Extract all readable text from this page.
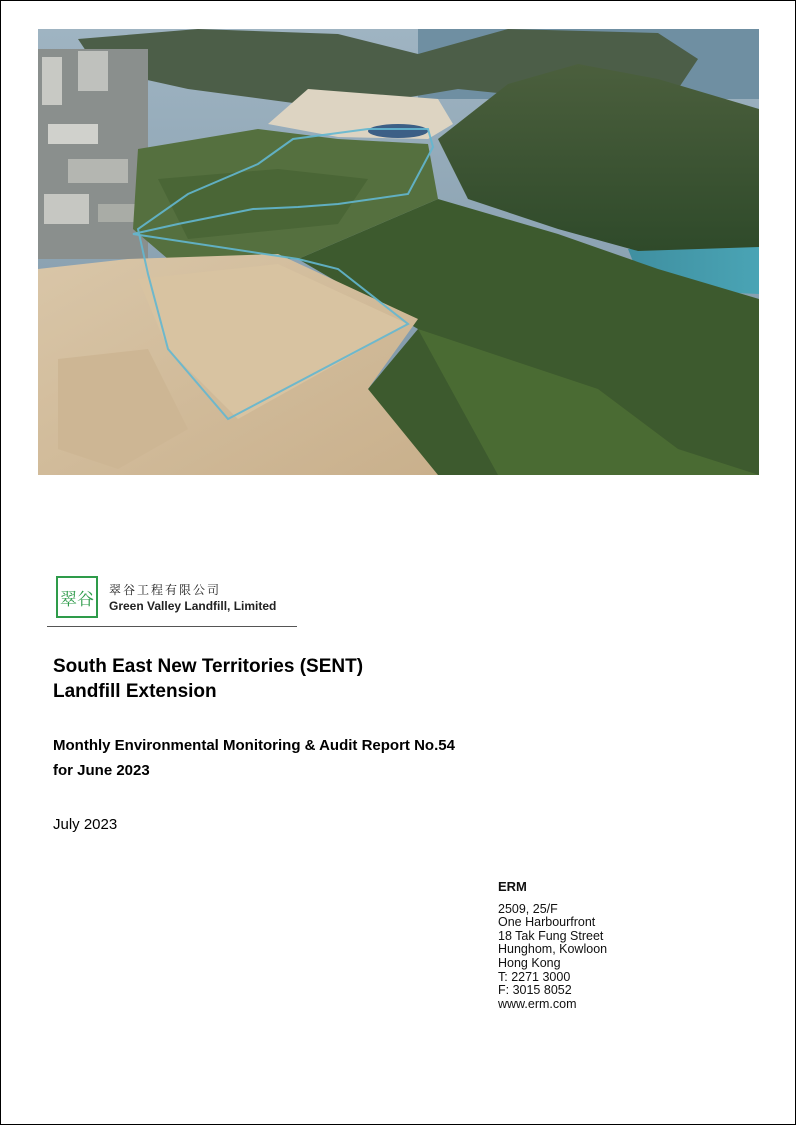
翠谷 翠谷工程有限公司
Green Valley Landfill, Limited
South East New Territories (SENT)
Landfill Extension
Monthly Environmental Monitoring & Audit Report No.54
for June 2023
July 2023
ERM
2509, 25/F
One Harbourfront
18 Tak Fung Street
Hunghom, Kowloon
Hong Kong
T: 2271 3000
F: 3015 8052
www.erm.com
